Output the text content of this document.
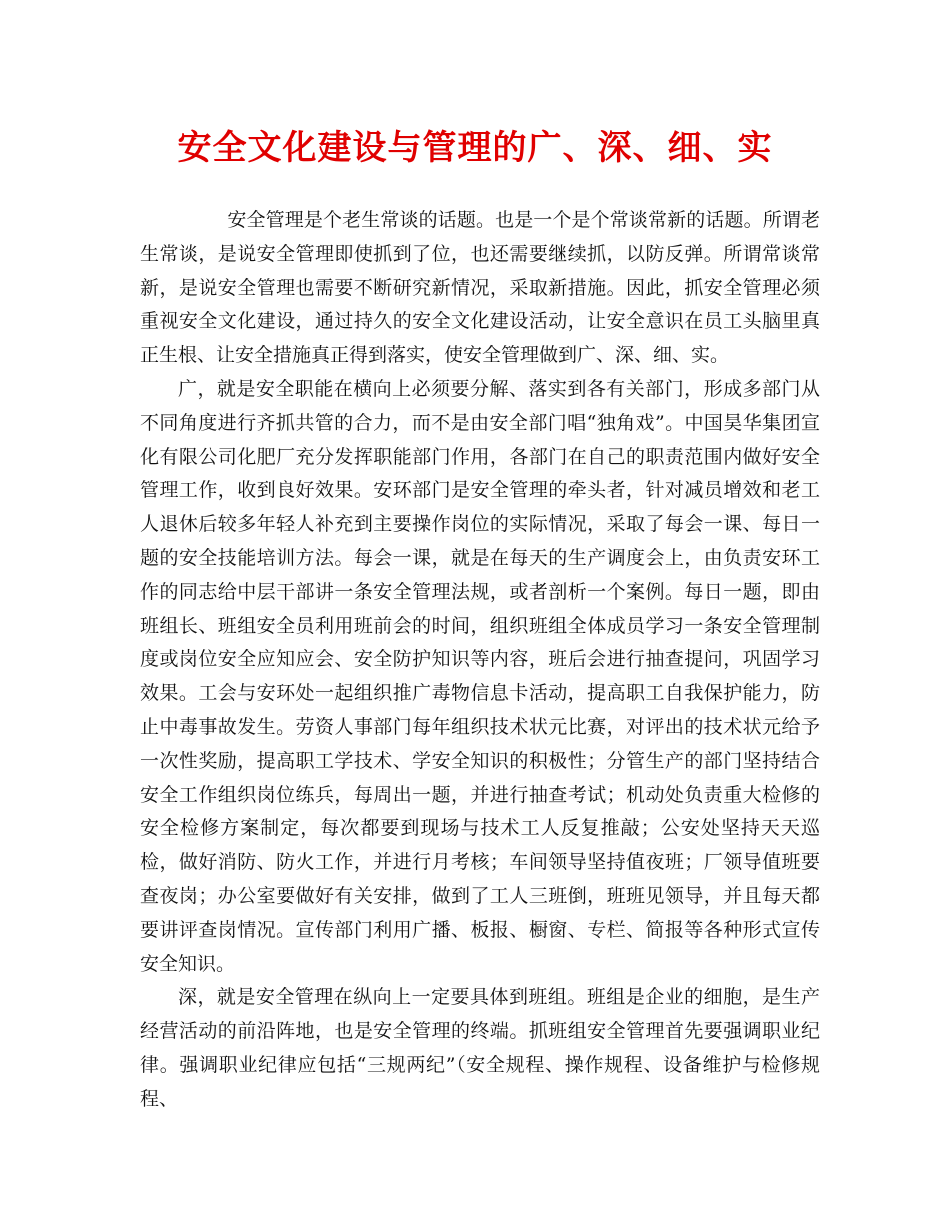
安全文化建设与管理的广、深、细、实

安全管理是个老生常谈的话题。也是一个是个常谈常新的话题。所谓老生常谈，是说安全管理即使抓到了位，也还需要继续抓，以防反弹。所谓常谈常新，是说安全管理也需要不断研究新情况，采取新措施。因此，抓安全管理必须重视安全文化建设，通过持久的安全文化建设活动，让安全意识在员工头脑里真正生根、让安全措施真正得到落实，使安全管理做到广、深、细、实。

广，就是安全职能在横向上必须要分解、落实到各有关部门，形成多部门从不同角度进行齐抓共管的合力，而不是由安全部门唱“独角戏”。中国昊华集团宣化有限公司化肥厂充分发挥职能部门作用，各部门在自己的职责范围内做好安全管理工作，收到良好效果。安环部门是安全管理的牵头者，针对减员增效和老工人退休后较多年轻人补充到主要操作岗位的实际情况，采取了每会一课、每日一题的安全技能培训方法。每会一课，就是在每天的生产调度会上，由负责安环工作的同志给中层干部讲一条安全管理法规，或者剖析一个案例。每日一题，即由班组长、班组安全员利用班前会的时间，组织班组全体成员学习一条安全管理制度或岗位安全应知应会、安全防护知识等内容，班后会进行抽查提问，巩固学习效果。工会与安环处一起组织推广毒物信息卡活动，提高职工自我保护能力，防止中毒事故发生。劳资人事部门每年组织技术状元比赛，对评出的技术状元给予一次性奖励，提高职工学技术、学安全知识的积极性；分管生产的部门坚持结合安全工作组织岗位练兵，每周出一题，并进行抽查考试；机动处负责重大检修的安全检修方案制定，每次都要到现场与技术工人反复推敲；公安处坚持天天巡检，做好消防、防火工作，并进行月考核；车间领导坚持值夜班；厂领导值班要查夜岗；办公室要做好有关安排，做到了工人三班倒，班班见领导，并且每天都要讲评查岗情况。宣传部门利用广播、板报、橱窗、专栏、简报等各种形式宣传安全知识。

深，就是安全管理在纵向上一定要具体到班组。班组是企业的细胞，是生产经营活动的前沿阵地，也是安全管理的终端。抓班组安全管理首先要强调职业纪律。强调职业纪律应包括“三规两纪”（安全规程、操作规程、设备维护与检修规程、
